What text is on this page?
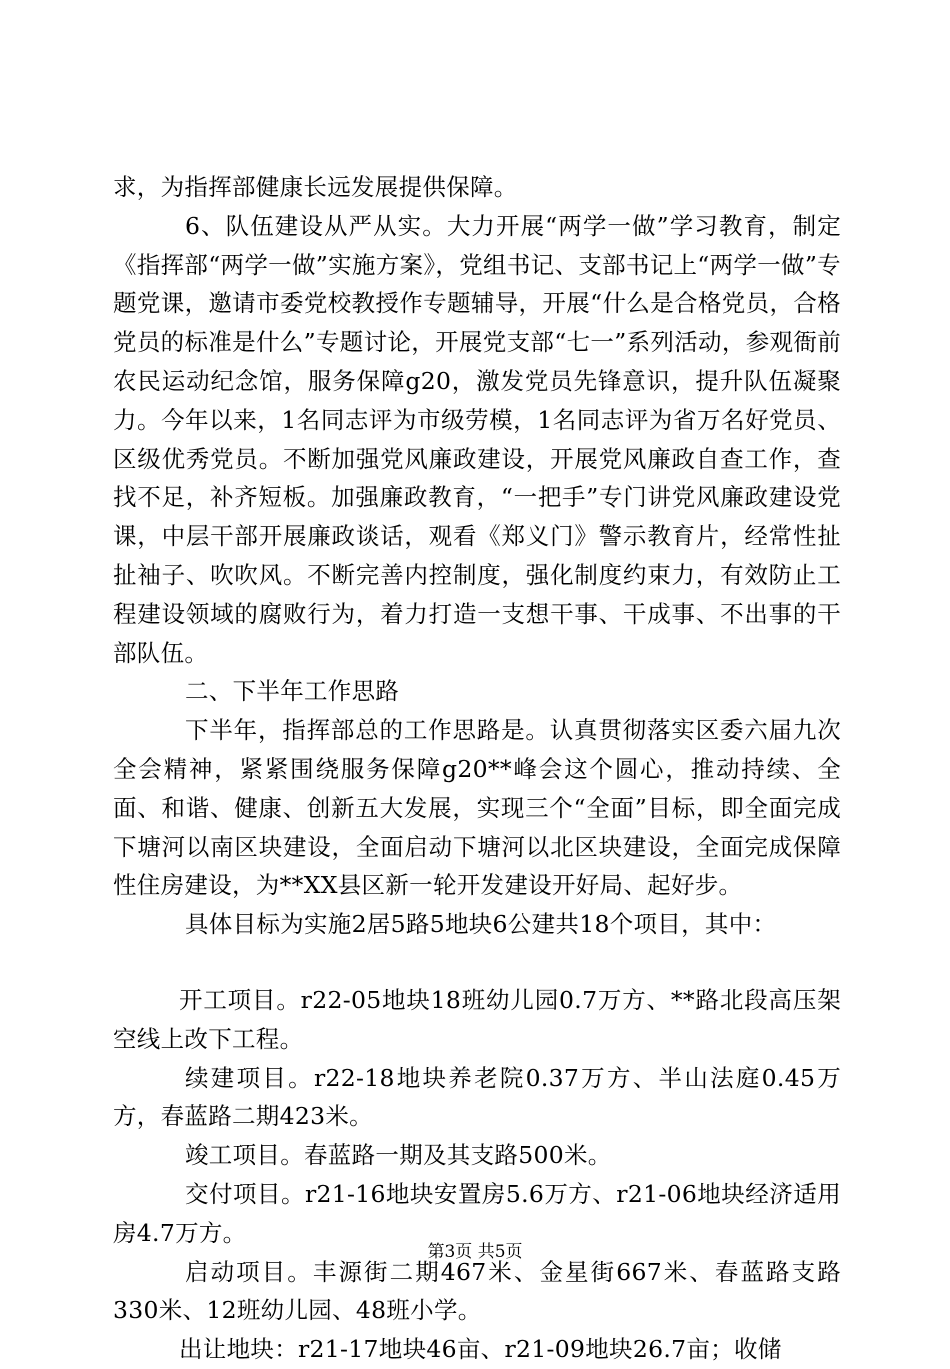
求，为指挥部健康长远发展提供保障。

6、队伍建设从严从实。大力开展“两学一做”学习教育，制定《指挥部“两学一做”实施方案》，党组书记、支部书记上“两学一做”专题党课，邀请市委党校教授作专题辅导，开展“什么是合格党员，合格党员的标准是什么”专题讨论，开展党支部“七一”系列活动，参观衙前农民运动纪念馆，服务保障g20，激发党员先锋意识，提升队伍凝聚力。今年以来，1名同志评为市级劳模，1名同志评为省万名好党员、区级优秀党员。不断加强党风廉政建设，开展党风廉政自查工作，查找不足，补齐短板。加强廉政教育，“一把手”专门讲党风廉政建设党课，中层干部开展廉政谈话，观看《郑义门》警示教育片，经常性扯扯袖子、吹吹风。不断完善内控制度，强化制度约束力，有效防止工程建设领域的腐败行为，着力打造一支想干事、干成事、不出事的干部队伍。

二、下半年工作思路

下半年，指挥部总的工作思路是。认真贯彻落实区委六届九次全会精神，紧紧围绕服务保障g20**峰会这个圆心，推动持续、全面、和谐、健康、创新五大发展，实现三个“全面”目标，即全面完成下塘河以南区块建设，全面启动下塘河以北区块建设，全面完成保障性住房建设，为**XX县区新一轮开发建设开好局、起好步。

具体目标为实施2居5路5地块6公建共18个项目，其中：

开工项目。r22-05地块18班幼儿园0.7万方、**路北段高压架空线上改下工程。

续建项目。r22-18地块养老院0.37万方、半山法庭0.45万方，春蓝路二期423米。

竣工项目。春蓝路一期及其支路500米。

交付项目。r21-16地块安置房5.6万方、r21-06地块经济适用房4.7万方。

启动项目。丰源街二期467米、金星街667米、春蓝路支路330米、12班幼儿园、48班小学。

出让地块：r21-17地块46亩、r21-09地块26.7亩；收储

第3页 共5页
